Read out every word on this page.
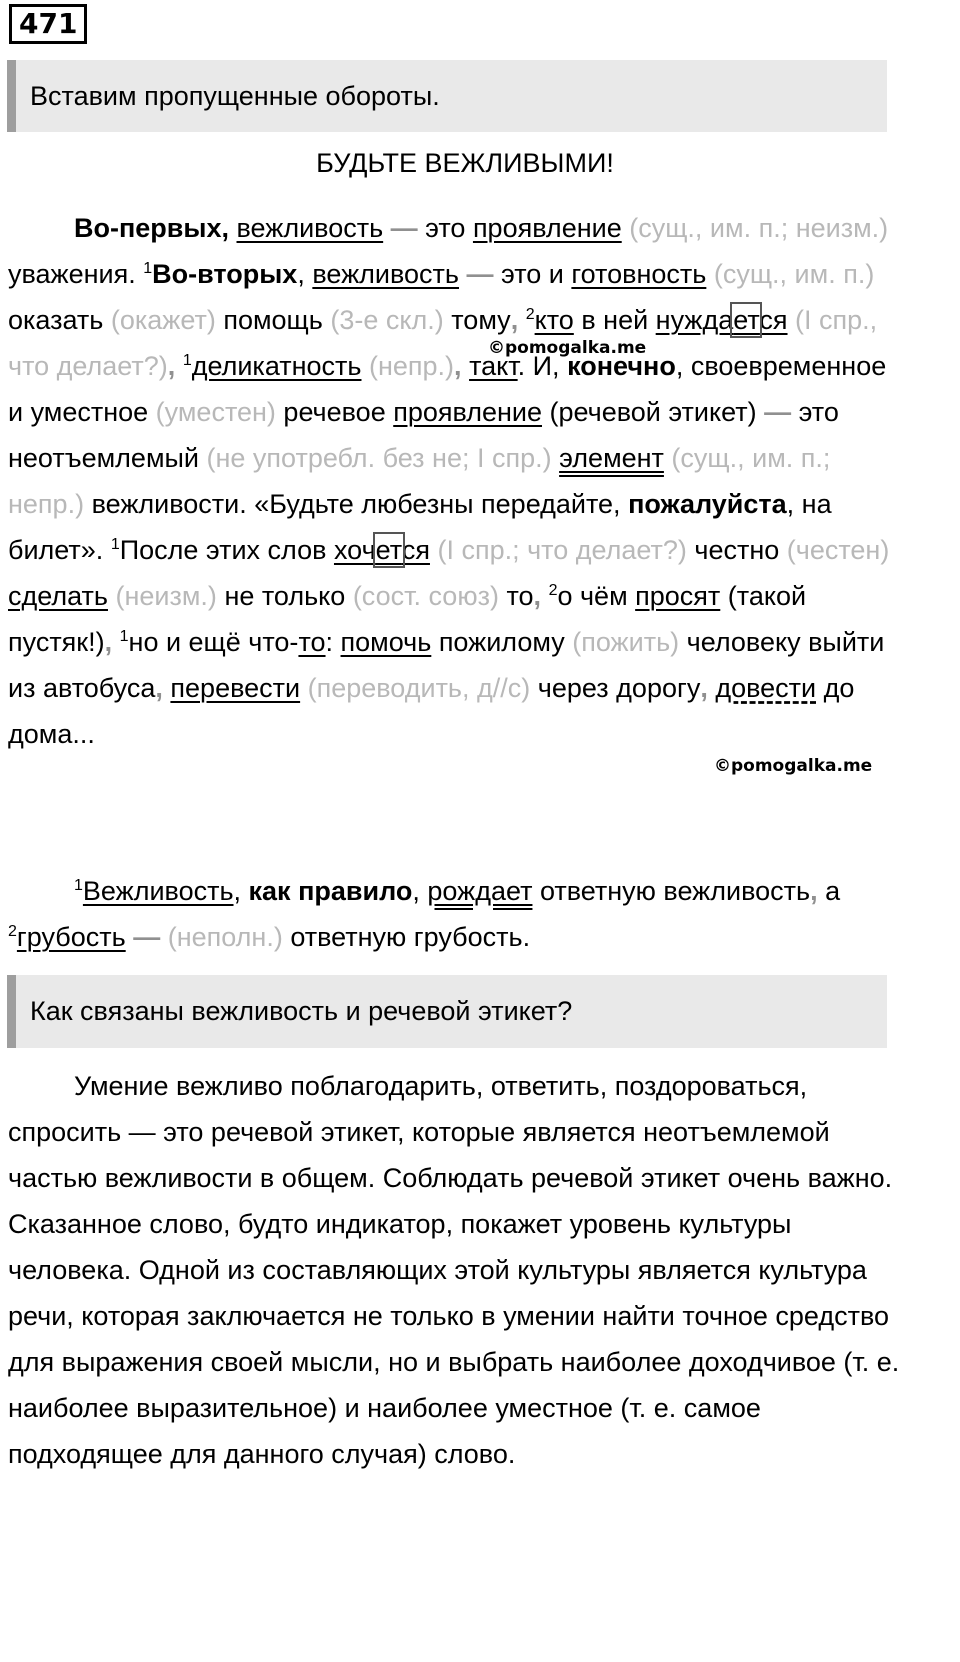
471
Вставим пропущенные обороты.
БУДЬТЕ ВЕЖЛИВЫМИ!

Во-первых, вежливость — это проявление (сущ., им. п.; неизм.) уважения. $^1$Во-вторых, вежливость — это и готовность (сущ., им. п.) оказать (окажет) помощь (3-е скл.) тому, $^2$кто в ней нуждается (I спр., что делает?), $^1$деликатность (непр.), такт. И, конечно, своевременное и уместное (уместен) речевое проявление (речевой этикет) — это неотъемлемый (не употребл. без не; I спр.) элемент (сущ., им. п.; непр.) вежливости. «Будьте любезны передайте, пожалуйста, на билет». $^1$После этих слов хочется (I спр.; что делает?) честно (честен) сделать (неизм.) не только (сост. союз) то, $^2$о чём просят (такой пустяк!), $^1$но и ещё что-то: помочь пожилому (пожить) человеку выйти из автобуса, перевести (переводить, д//с) через дорогу, довести до дома...

©pomogalka.me
©pomogalka.me

$^1$Вежливость, как правило, рождает ответную вежливость, а $^2$грубость — (неполн.) ответную грубость.

Как связаны вежливость и речевой этикет?

Умение вежливо поблагодарить, ответить, поздороваться, спросить — это речевой этикет, которые является неотъемлемой частью вежливости в общем. Соблюдать речевой этикет очень важно. Сказанное слово, будто индикатор, покажет уровень культуры человека. Одной из составляющих этой культуры является культура речи, которая заключается не только в умении найти точное средство для выражения своей мысли, но и выбрать наиболее доходчивое (т. е. наиболее выразительное) и наиболее уместное (т. е. самое подходящее для данного случая) слово.
